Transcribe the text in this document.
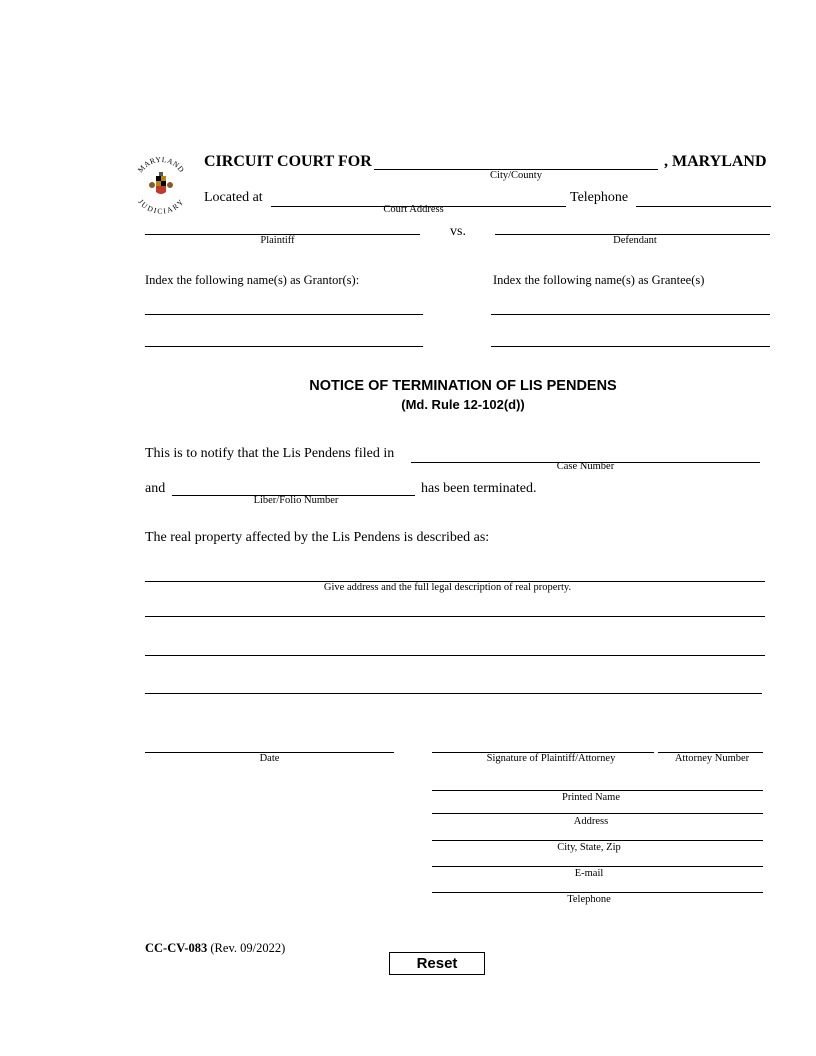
MARYLAND
JUDICIARY
CIRCUIT COURT FOR
City/County
, MARYLAND
Located at
Court Address
Telephone
Plaintiff
vs.
Defendant
Index the following name(s) as Grantor(s):	Index the following name(s) as Grantee(s)
NOTICE OF TERMINATION OF LIS PENDENS
(Md. Rule 12-102(d))
This is to notify that the Lis Pendens filed in
Case Number
and
Liber/Folio Number
has been terminated.
The real property affected by the Lis Pendens is described as:
Give address and the full legal description of real property.
Date	Signature of Plaintiff/Attorney	Attorney Number
Printed Name
Address
City, State, Zip
E-mail
Telephone
CC-CV-083 (Rev. 09/2022)
Reset
